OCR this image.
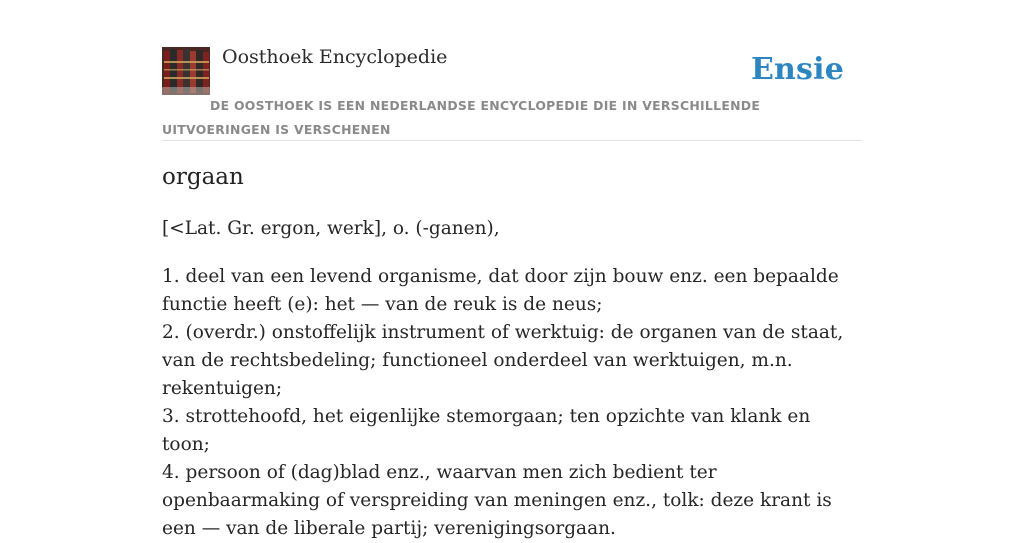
Oosthoek Encyclopedie	Ensie
DE OOSTHOEK IS EEN NEDERLANDSE ENCYCLOPEDIE DIE IN VERSCHILLENDE UITVOERINGEN IS VERSCHENEN
orgaan
[<Lat. Gr. ergon, werk], o. (-ganen),
1. deel van een levend organisme, dat door zijn bouw enz. een bepaalde functie heeft (e): het — van de reuk is de neus;
2. (overdr.) onstoffelijk instrument of werktuig: de organen van de staat, van de rechtsbedeling; functioneel onderdeel van werktuigen, m.n. rekentuigen;
3. strottehoofd, het eigenlijke stemorgaan; ten opzichte van klank en toon;
4. persoon of (dag)blad enz., waarvan men zich bedient ter openbaarmaking of verspreiding van meningen enz., tolk: deze krant is een — van de liberale partij; verenigingsorgaan.
